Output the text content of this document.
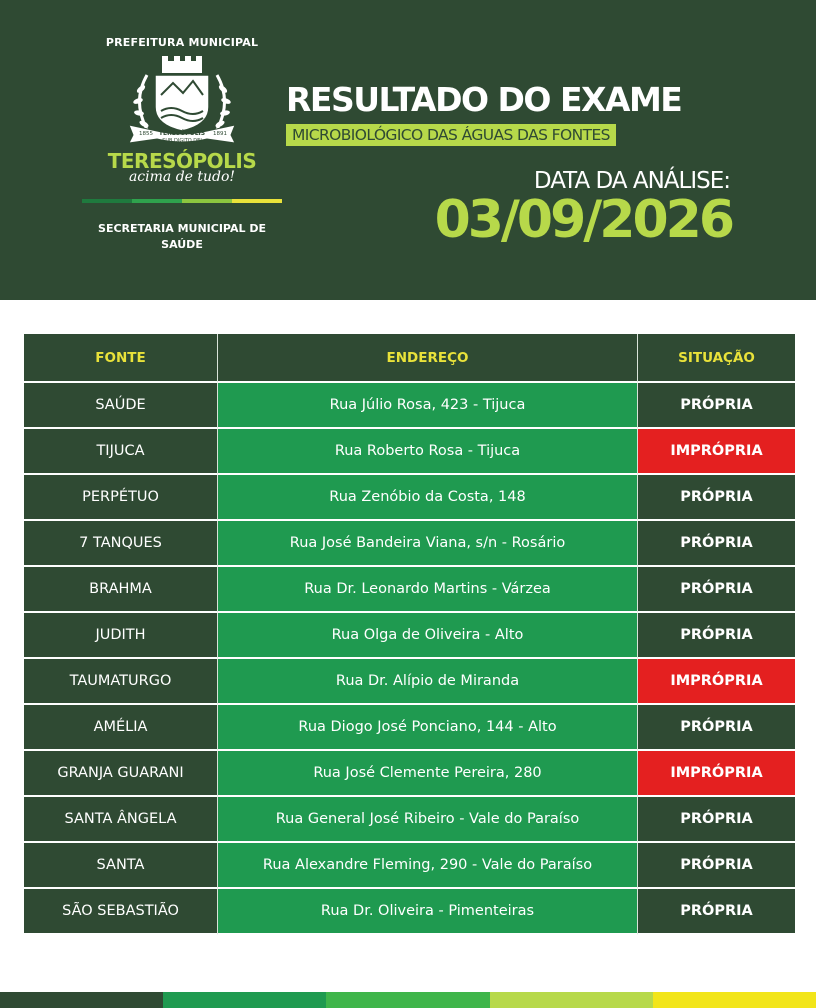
PREFEITURA MUNICIPAL
1855	1891
TERESÓPOLIS
SUB DIGITO DEI
TERESÓPOLIS
acima de tudo!
SECRETARIA MUNICIPAL DE
SAÚDE
RESULTADO DO EXAME
MICROBIOLÓGICO DAS ÁGUAS DAS FONTES
DATA DA ANÁLISE:
03/09/2026
FONTE	ENDEREÇO	SITUAÇÃO
SAÚDE	Rua Júlio Rosa, 423 - Tijuca	PRÓPRIA
TIJUCA	Rua Roberto Rosa - Tijuca	IMPRÓPRIA
PERPÉTUO	Rua Zenóbio da Costa, 148	PRÓPRIA
7 TANQUES	Rua José Bandeira Viana, s/n - Rosário	PRÓPRIA
BRAHMA	Rua Dr. Leonardo Martins - Várzea	PRÓPRIA
JUDITH	Rua Olga de Oliveira - Alto	PRÓPRIA
TAUMATURGO	Rua Dr. Alípio de Miranda	IMPRÓPRIA
AMÉLIA	Rua Diogo José Ponciano, 144 - Alto	PRÓPRIA
GRANJA GUARANI	Rua José Clemente Pereira, 280	IMPRÓPRIA
SANTA ÂNGELA	Rua General José Ribeiro - Vale do Paraíso	PRÓPRIA
SANTA	Rua Alexandre Fleming, 290 - Vale do Paraíso	PRÓPRIA
SÃO SEBASTIÃO	Rua Dr. Oliveira - Pimenteiras	PRÓPRIA
